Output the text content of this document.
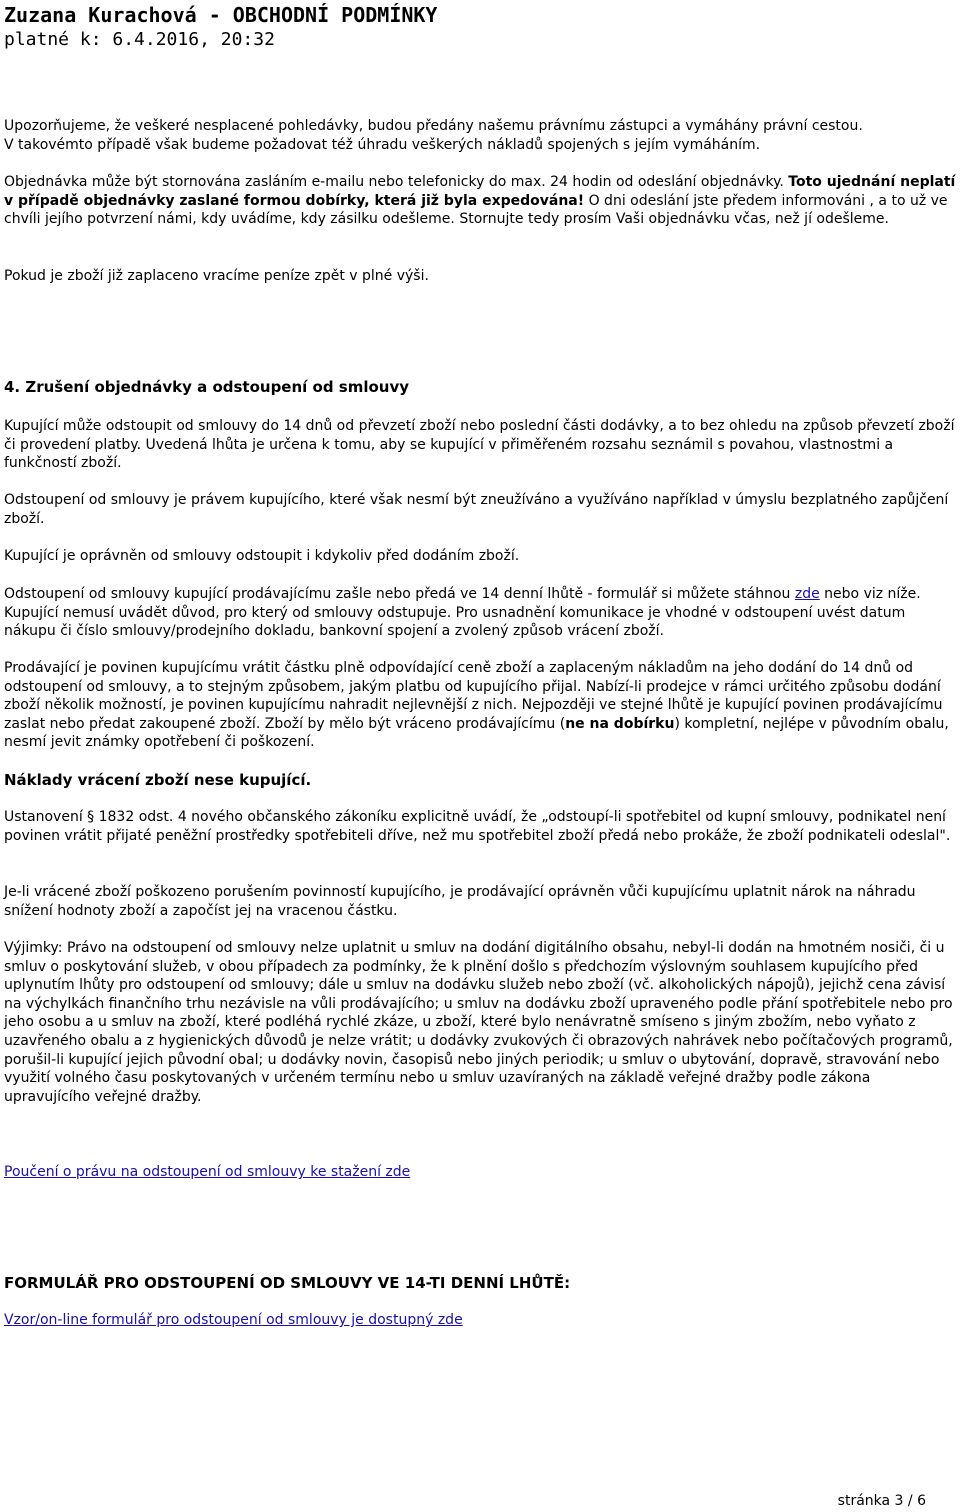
Zuzana Kurachová - OBCHODNÍ PODMÍNKY

platné k: 6.4.2016, 20:32

Upozorňujeme, že veškeré nesplacené pohledávky, budou předány našemu právnímu zástupci a vymáhány právní cestou.
V takovémto případě však budeme požadovat též úhradu veškerých nákladů spojených s jejím vymáháním.

Objednávka může být stornována zasláním e-mailu nebo telefonicky do max. 24 hodin od odeslání objednávky. Toto ujednání neplatí v případě objednávky zaslané formou dobírky, která již byla expedována! O dni odeslání jste předem informováni , a to už ve chvíli jejího potvrzení námi, kdy uvádíme, kdy zásilku odešleme. Stornujte tedy prosím Vaši objednávku včas, než jí odešleme.

Pokud je zboží již zaplaceno vracíme peníze zpět v plné výši.

4. Zrušení objednávky a odstoupení od smlouvy

Kupující může odstoupit od smlouvy do 14 dnů od převzetí zboží nebo poslední části dodávky, a to bez ohledu na způsob převzetí zboží či provedení platby. Uvedená lhůta je určena k tomu, aby se kupující v přiměřeném rozsahu seznámil s povahou, vlastnostmi a funkčností zboží.

Odstoupení od smlouvy je právem kupujícího, které však nesmí být zneužíváno a využíváno například v úmyslu bezplatného zapůjčení zboží.

Kupující je oprávněn od smlouvy odstoupit i kdykoliv před dodáním zboží.

Odstoupení od smlouvy kupující prodávajícímu zašle nebo předá ve 14 denní lhůtě - formulář si můžete stáhnou zde nebo viz níže. Kupující nemusí uvádět důvod, pro který od smlouvy odstupuje. Pro usnadnění komunikace je vhodné v odstoupení uvést datum nákupu či číslo smlouvy/prodejního dokladu, bankovní spojení a zvolený způsob vrácení zboží.

Prodávající je povinen kupujícímu vrátit částku plně odpovídající ceně zboží a zaplaceným nákladům na jeho dodání do 14 dnů od odstoupení od smlouvy, a to stejným způsobem, jakým platbu od kupujícího přijal. Nabízí-li prodejce v rámci určitého způsobu dodání zboží několik možností, je povinen kupujícímu nahradit nejlevnější z nich. Nejpozději ve stejné lhůtě je kupující povinen prodávajícímu zaslat nebo předat zakoupené zboží. Zboží by mělo být vráceno prodávajícímu (ne na dobírku) kompletní, nejlépe v původním obalu, nesmí jevit známky opotřebení či poškození.

Náklady vrácení zboží nese kupující.

Ustanovení § 1832 odst. 4 nového občanského zákoníku explicitně uvádí, že „odstoupí-li spotřebitel od kupní smlouvy, podnikatel není povinen vrátit přijaté peněžní prostředky spotřebiteli dříve, než mu spotřebitel zboží předá nebo prokáže, že zboží podnikateli odeslal".

Je-li vrácené zboží poškozeno porušením povinností kupujícího, je prodávající oprávněn vůči kupujícímu uplatnit nárok na náhradu snížení hodnoty zboží a započíst jej na vracenou částku.

Výjimky: Právo na odstoupení od smlouvy nelze uplatnit u smluv na dodání digitálního obsahu, nebyl-li dodán na hmotném nosiči, či u smluv o poskytování služeb, v obou případech za podmínky, že k plnění došlo s předchozím výslovným souhlasem kupujícího před uplynutím lhůty pro odstoupení od smlouvy; dále u smluv na dodávku služeb nebo zboží (vč. alkoholických nápojů), jejichž cena závisí na výchylkách finančního trhu nezávisle na vůli prodávajícího; u smluv na dodávku zboží upraveného podle přání spotřebitele nebo pro jeho osobu a u smluv na zboží, které podléhá rychlé zkáze, u zboží, které bylo nenávratně smíseno s jiným zbožím, nebo vyňato z uzavřeného obalu a z hygienických důvodů je nelze vrátit; u dodávky zvukových či obrazových nahrávek nebo počítačových programů, porušil-li kupující jejich původní obal; u dodávky novin, časopisů nebo jiných periodik; u smluv o ubytování, dopravě, stravování nebo využití volného času poskytovaných v určeném termínu nebo u smluv uzavíraných na základě veřejné dražby podle zákona upravujícího veřejné dražby.

Poučení o právu na odstoupení od smlouvy ke stažení zde

FORMULÁŘ PRO ODSTOUPENÍ OD SMLOUVY VE 14-TI DENNÍ LHŮTĚ:

Vzor/on-line formulář pro odstoupení od smlouvy je dostupný zde

stránka 3 / 6
